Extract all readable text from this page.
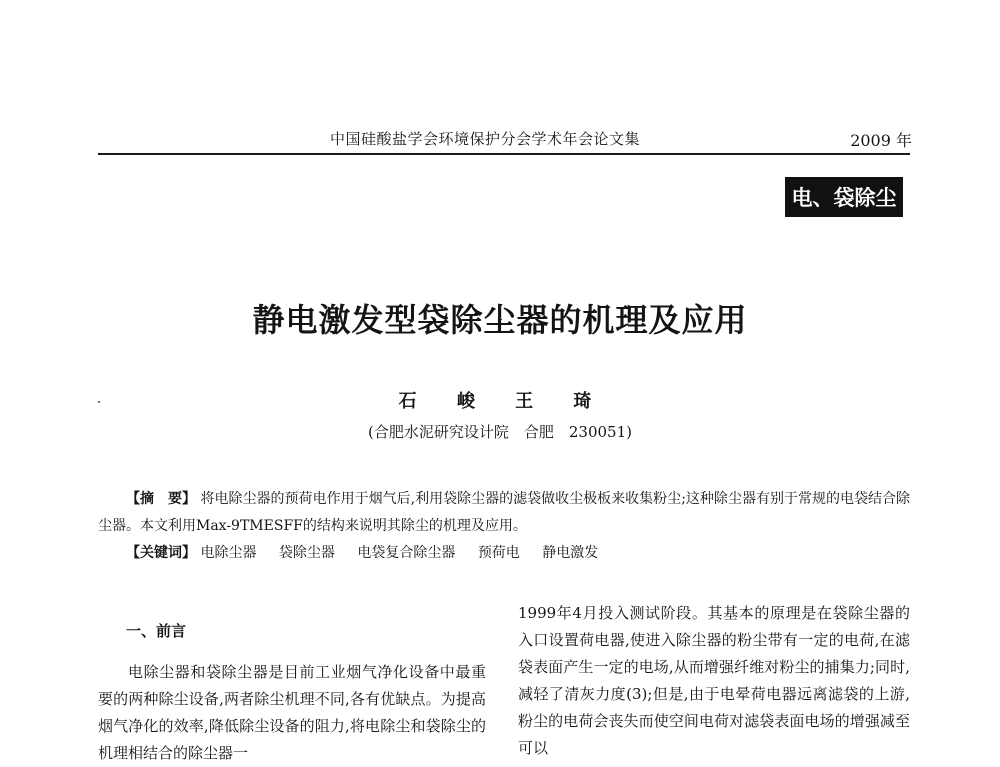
中国硅酸盐学会环境保护分会学术年会论文集	2009 年
电、袋除尘
静电激发型袋除尘器的机理及应用
石 峻 王 琦
(合肥水泥研究设计院　合肥　230051)
【摘　要】 将电除尘器的预荷电作用于烟气后,利用袋除尘器的滤袋做收尘极板来收集粉尘;这种除尘器有别于常规的电袋结合除尘器。本文利用Max-9TMESFF的结构来说明其除尘的机理及应用。
【关键词】 电除尘器 袋除尘器 电袋复合除尘器 预荷电 静电激发
一、前言

电除尘器和袋除尘器是目前工业烟气净化设备中最重要的两种除尘设备,两者除尘机理不同,各有优缺点。为提高烟气净化的效率,降低除尘设备的阻力,将电除尘和袋除尘的机理相结合的除尘器一

1999年4月投入测试阶段。其基本的原理是在袋除尘器的入口设置荷电器,使进入除尘器的粉尘带有一定的电荷,在滤袋表面产生一定的电场,从而增强纤维对粉尘的捕集力;同时,减轻了清灰力度(3);但是,由于电晕荷电器远离滤袋的上游,粉尘的电荷会丧失而使空间电荷对滤袋表面电场的增强减至可以
